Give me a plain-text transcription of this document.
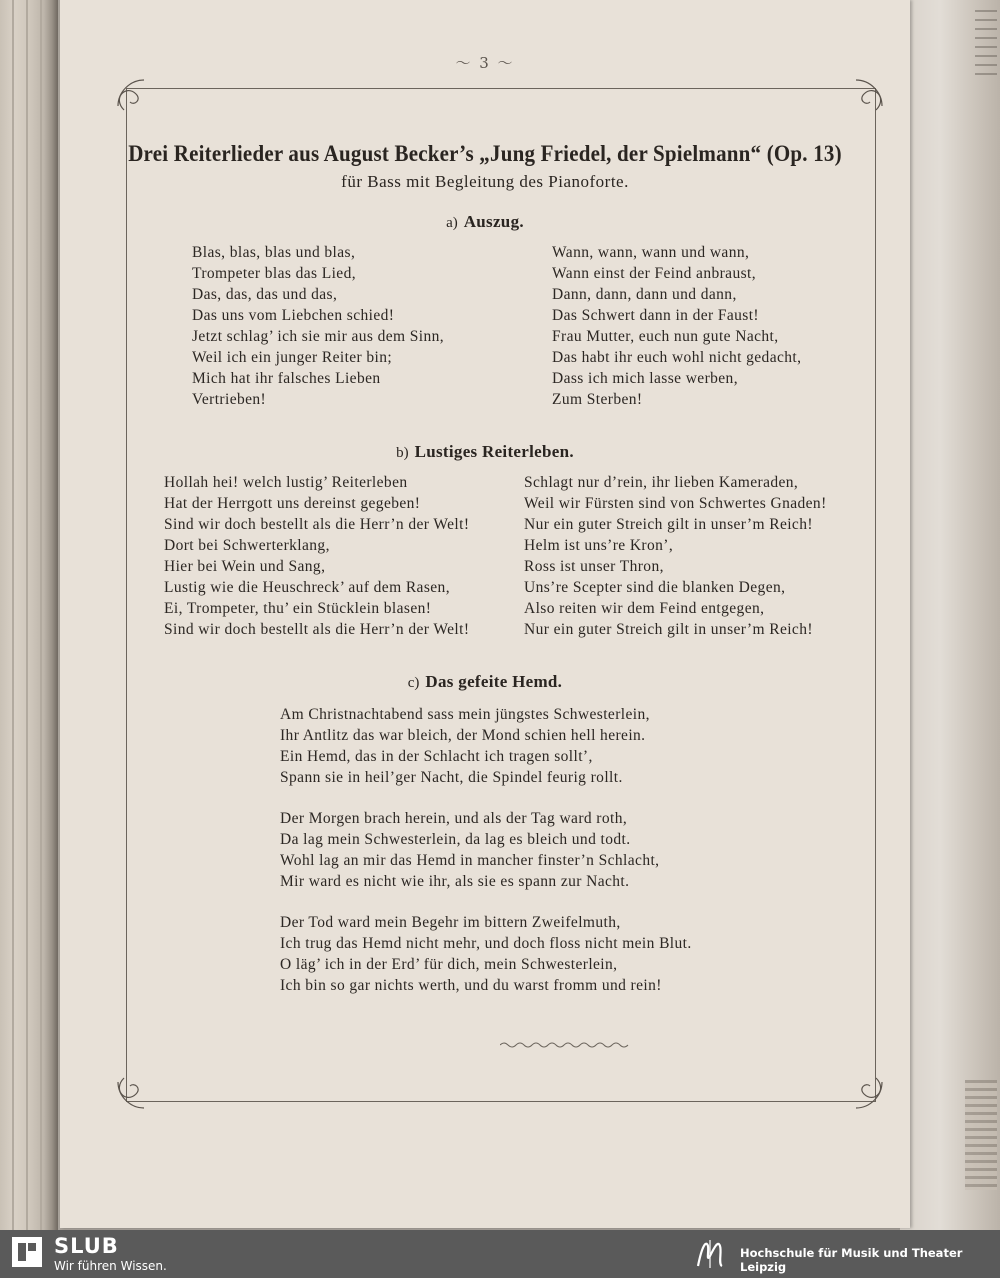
〜 3 〜
Drei Reiterlieder aus August Becker’s „Jung Friedel, der Spielmann“ (Op. 13)
für Bass mit Begleitung des Pianoforte.
a) Auszug.
Blas, blas, blas und blas,
Trompeter blas das Lied,
Das, das, das und das,
Das uns vom Liebchen schied!
Jetzt schlag’ ich sie mir aus dem Sinn,
Weil ich ein junger Reiter bin;
Mich hat ihr falsches Lieben
Vertrieben!
Wann, wann, wann und wann,
Wann einst der Feind anbraust,
Dann, dann, dann und dann,
Das Schwert dann in der Faust!
Frau Mutter, euch nun gute Nacht,
Das habt ihr euch wohl nicht gedacht,
Dass ich mich lasse werben,
Zum Sterben!
b) Lustiges Reiterleben.
Hollah hei! welch lustig’ Reiterleben
Hat der Herrgott uns dereinst gegeben!
Sind wir doch bestellt als die Herr’n der Welt!
Dort bei Schwerterklang,
Hier bei Wein und Sang,
Lustig wie die Heuschreck’ auf dem Rasen,
Ei, Trompeter, thu’ ein Stücklein blasen!
Sind wir doch bestellt als die Herr’n der Welt!
Schlagt nur d’rein, ihr lieben Kameraden,
Weil wir Fürsten sind von Schwertes Gnaden!
Nur ein guter Streich gilt in unser’m Reich!
Helm ist uns’re Kron’,
Ross ist unser Thron,
Uns’re Scepter sind die blanken Degen,
Also reiten wir dem Feind entgegen,
Nur ein guter Streich gilt in unser’m Reich!
c) Das gefeite Hemd.
Am Christnachtabend sass mein jüngstes Schwesterlein,
Ihr Antlitz das war bleich, der Mond schien hell herein.
Ein Hemd, das in der Schlacht ich tragen sollt’,
Spann sie in heil’ger Nacht, die Spindel feurig rollt.
Der Morgen brach herein, und als der Tag ward roth,
Da lag mein Schwesterlein, da lag es bleich und todt.
Wohl lag an mir das Hemd in mancher finster’n Schlacht,
Mir ward es nicht wie ihr, als sie es spann zur Nacht.
Der Tod ward mein Begehr im bittern Zweifelmuth,
Ich trug das Hemd nicht mehr, und doch floss nicht mein Blut.
O läg’ ich in der Erd’ für dich, mein Schwesterlein,
Ich bin so gar nichts werth, und du warst fromm und rein!
SLUB
Wir führen Wissen.
Hochschule für Musik und Theater Leipzig
